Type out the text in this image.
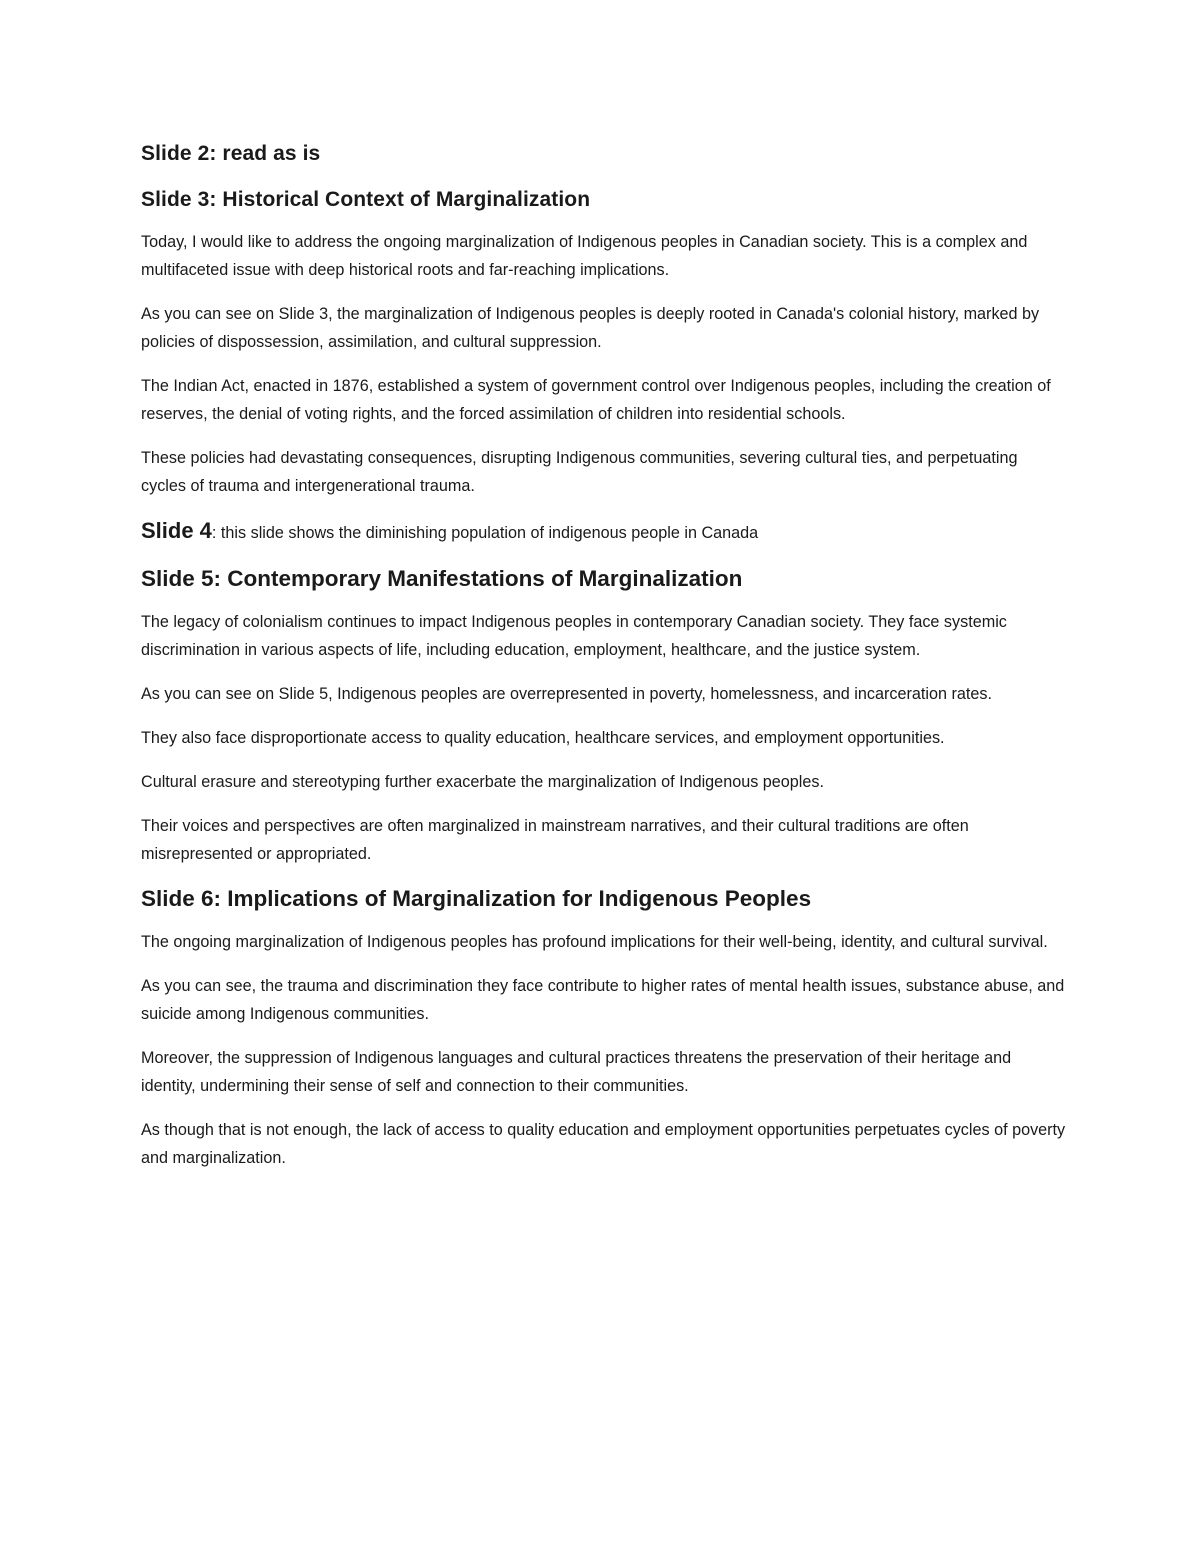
Slide 2: read as is
Slide 3: Historical Context of Marginalization

Today, I would like to address the ongoing marginalization of Indigenous peoples in Canadian society. This is a complex and multifaceted issue with deep historical roots and far-reaching implications.

As you can see on Slide 3, the marginalization of Indigenous peoples is deeply rooted in Canada's colonial history, marked by policies of dispossession, assimilation, and cultural suppression.

The Indian Act, enacted in 1876, established a system of government control over Indigenous peoples, including the creation of reserves, the denial of voting rights, and the forced assimilation of children into residential schools.

These policies had devastating consequences, disrupting Indigenous communities, severing cultural ties, and perpetuating cycles of trauma and intergenerational trauma.

Slide 4: this slide shows the diminishing population of indigenous people in Canada
Slide 5: Contemporary Manifestations of Marginalization

The legacy of colonialism continues to impact Indigenous peoples in contemporary Canadian society. They face systemic discrimination in various aspects of life, including education, employment, healthcare, and the justice system.

As you can see on Slide 5, Indigenous peoples are overrepresented in poverty, homelessness, and incarceration rates.

They also face disproportionate access to quality education, healthcare services, and employment opportunities.

Cultural erasure and stereotyping further exacerbate the marginalization of Indigenous peoples.

Their voices and perspectives are often marginalized in mainstream narratives, and their cultural traditions are often misrepresented or appropriated.

Slide 6: Implications of Marginalization for Indigenous Peoples

The ongoing marginalization of Indigenous peoples has profound implications for their well-being, identity, and cultural survival.

As you can see, the trauma and discrimination they face contribute to higher rates of mental health issues, substance abuse, and suicide among Indigenous communities.

Moreover, the suppression of Indigenous languages and cultural practices threatens the preservation of their heritage and identity, undermining their sense of self and connection to their communities.

As though that is not enough, the lack of access to quality education and employment opportunities perpetuates cycles of poverty and marginalization.
